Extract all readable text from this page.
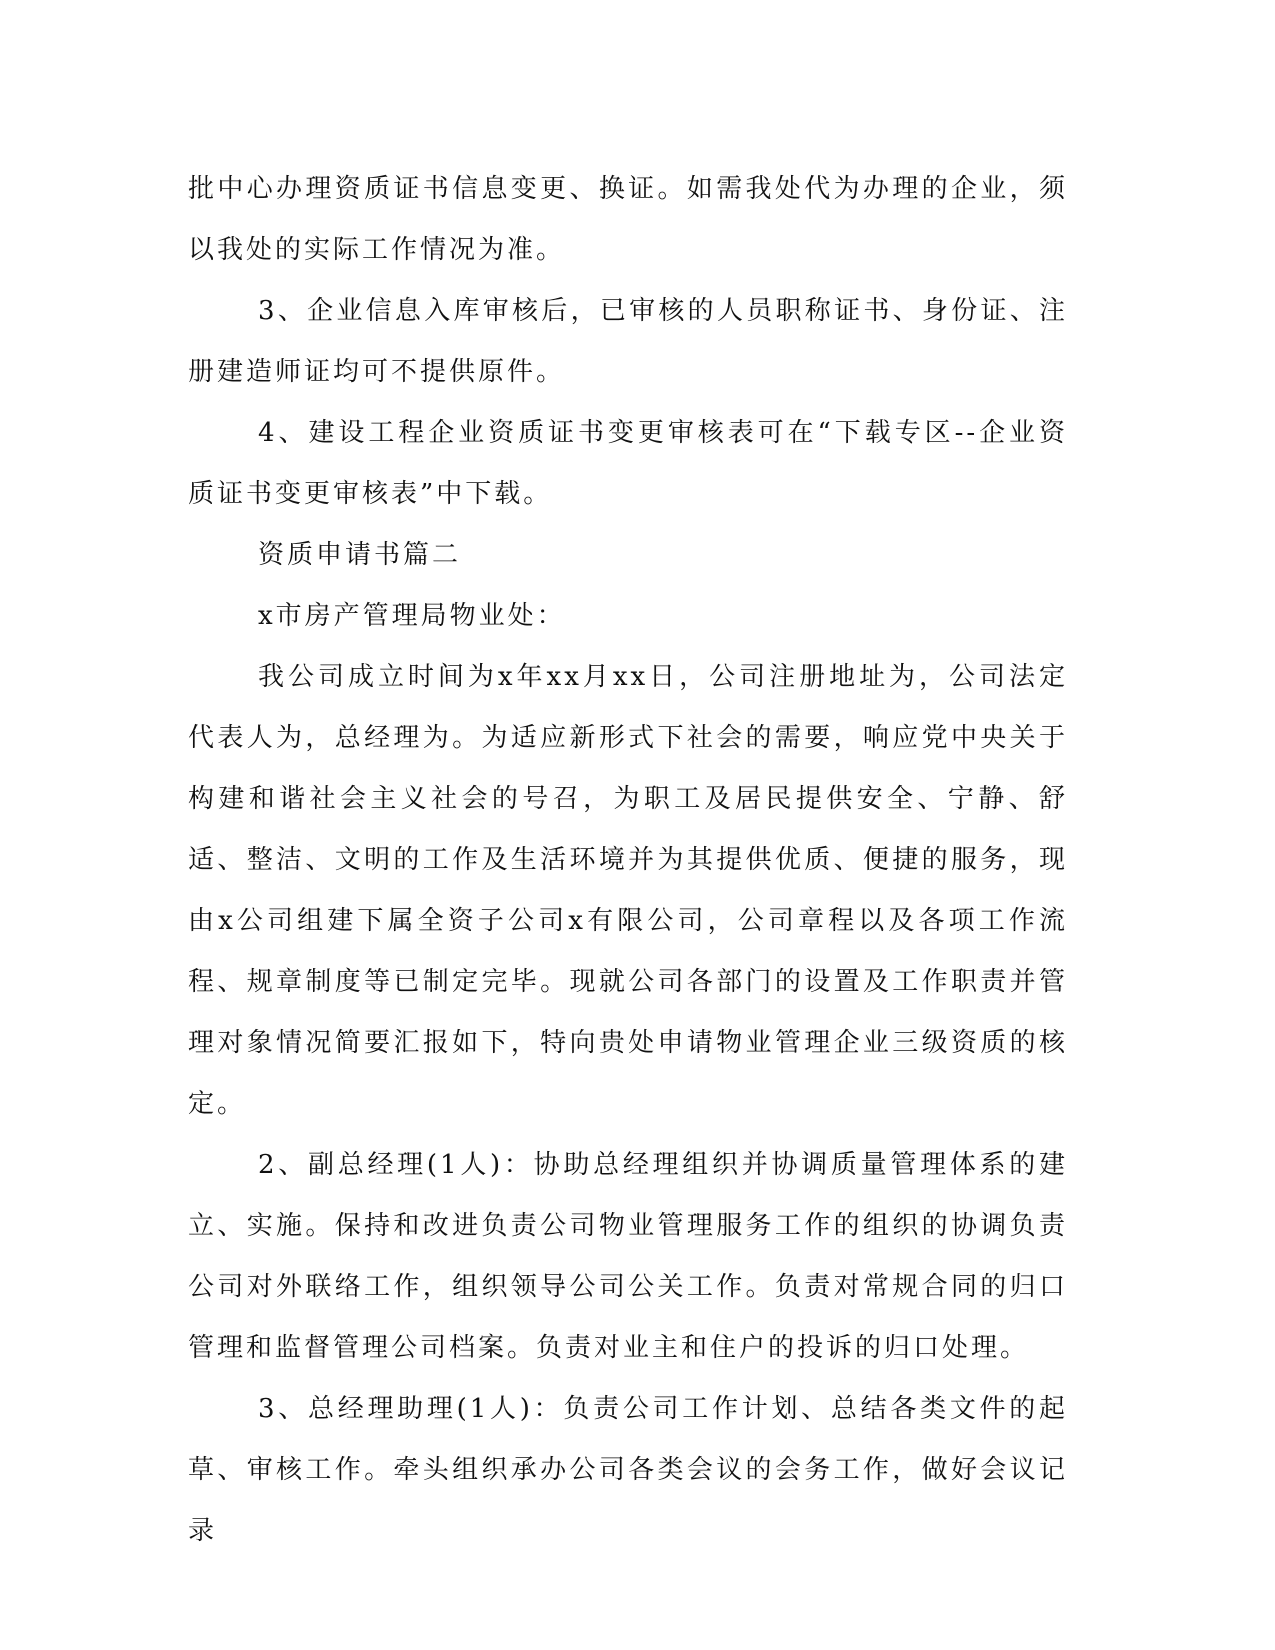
批中心办理资质证书信息变更、换证。如需我处代为办理的企业，须以我处的实际工作情况为准。

3、企业信息入库审核后，已审核的人员职称证书、身份证、注册建造师证均可不提供原件。

4、建设工程企业资质证书变更审核表可在“下载专区--企业资质证书变更审核表”中下载。

资质申请书篇二

x市房产管理局物业处：

我公司成立时间为x年xx月xx日，公司注册地址为，公司法定代表人为，总经理为。为适应新形式下社会的需要，响应党中央关于构建和谐社会主义社会的号召，为职工及居民提供安全、宁静、舒适、整洁、文明的工作及生活环境并为其提供优质、便捷的服务，现由x公司组建下属全资子公司x有限公司，公司章程以及各项工作流程、规章制度等已制定完毕。现就公司各部门的设置及工作职责并管理对象情况简要汇报如下，特向贵处申请物业管理企业三级资质的核定。

2、副总经理(1人)：协助总经理组织并协调质量管理体系的建立、实施。保持和改进负责公司物业管理服务工作的组织的协调负责公司对外联络工作，组织领导公司公关工作。负责对常规合同的归口管理和监督管理公司档案。负责对业主和住户的投诉的归口处理。

3、总经理助理(1人)：负责公司工作计划、总结各类文件的起草、审核工作。牵头组织承办公司各类会议的会务工作，做好会议记录
